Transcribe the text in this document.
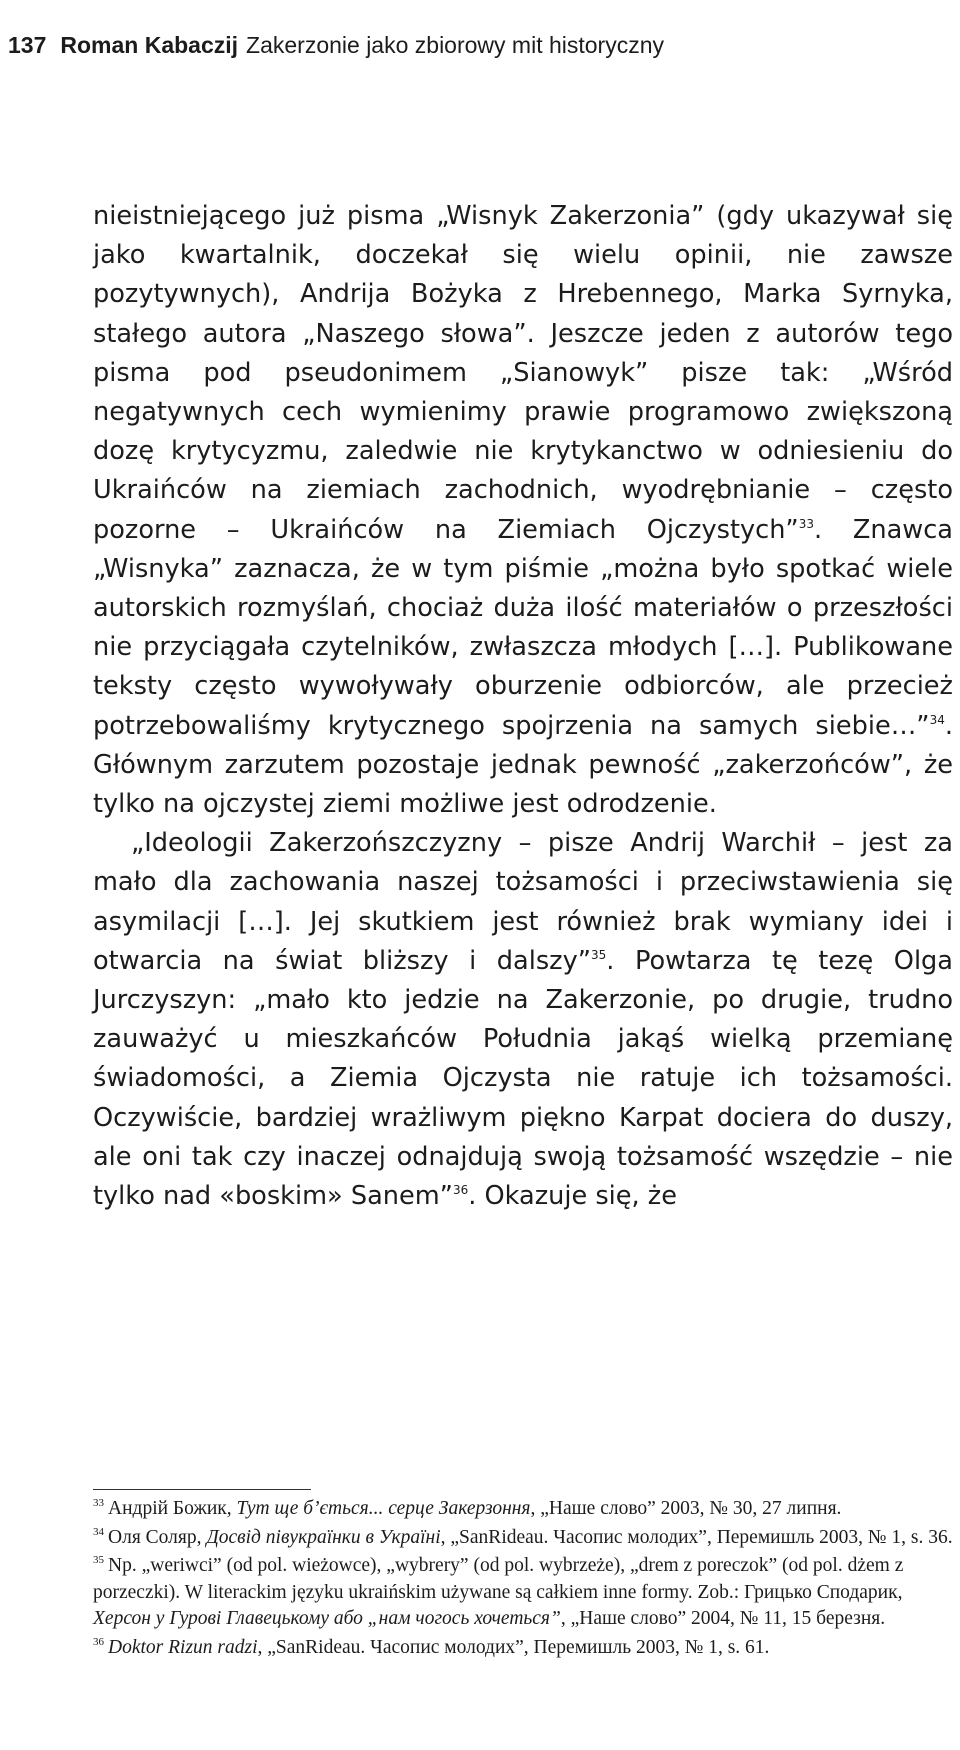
137 Roman Kabaczij Zakerzonie jako zbiorowy mit historyczny

nieistniejącego już pisma „Wisnyk Zakerzonia” (gdy ukazywał się jako kwartalnik, doczekał się wielu opinii, nie zawsze pozytywnych), Andrija Bożyka z Hrebennego, Marka Syrnyka, stałego autora „Naszego słowa”. Jeszcze jeden z autorów tego pisma pod pseudonimem „Sianowyk” pisze tak: „Wśród negatywnych cech wymienimy prawie programowo zwiększoną dozę krytycyzmu, zaledwie nie krytykanctwo w odniesieniu do Ukraińców na ziemiach zachodnich, wyodrębnianie – często pozorne – Ukraińców na Ziemiach Ojczystych”$^{33}$. Znawca „Wisnyka” zaznacza, że w tym piśmie „można było spotkać wiele autorskich rozmyślań, chociaż duża ilość materiałów o przeszłości nie przyciągała czytelników, zwłaszcza młodych […]. Publikowane teksty często wywoływały oburzenie odbiorców, ale przecież potrzebowaliśmy krytycznego spojrzenia na samych siebie…”$^{34}$. Głównym zarzutem pozostaje jednak pewność „zakerzońców”, że tylko na ojczystej ziemi możliwe jest odrodzenie.

„Ideologii Zakerzońszczyzny – pisze Andrij Warchił – jest za mało dla zachowania naszej tożsamości i przeciwstawienia się asymilacji […]. Jej skutkiem jest również brak wymiany idei i otwarcia na świat bliższy i dalszy”$^{35}$. Powtarza tę tezę Olga Jurczyszyn: „mało kto jedzie na Zakerzonie, po drugie, trudno zauważyć u mieszkańców Południa jakąś wielką przemianę świadomości, a Ziemia Ojczysta nie ratuje ich tożsamości. Oczywiście, bardziej wrażliwym piękno Karpat dociera do duszy, ale oni tak czy inaczej odnajdują swoją tożsamość wszędzie – nie tylko nad «boskim» Sanem”$^{36}$. Okazuje się, że

$^{33}$ Андрій Божик, Тут ще б’ється... серце Закерзоння, „Наше слово” 2003, № 30, 27 липня.

$^{34}$ Оля Соляр, Досвід півукраїнки в Україні, „SanRideau. Часопис молодих”, Перемишль 2003, № 1, s. 36.

$^{35}$ Np. „weriwci” (od pol. wieżowce), „wybrery” (od pol. wybrzeże), „drem z poreczok” (od pol. dżem z porzeczki). W literackim języku ukraińskim używane są całkiem inne formy. Zob.: Грицько Сподарик, Херсон у Гурові Главецькому або „нам чогось хочеться”, „Наше слово” 2004, № 11, 15 березня.

$^{36}$ Doktor Rizun radzi, „SanRideau. Часопис молодих”, Перемишль 2003, № 1, s. 61.
